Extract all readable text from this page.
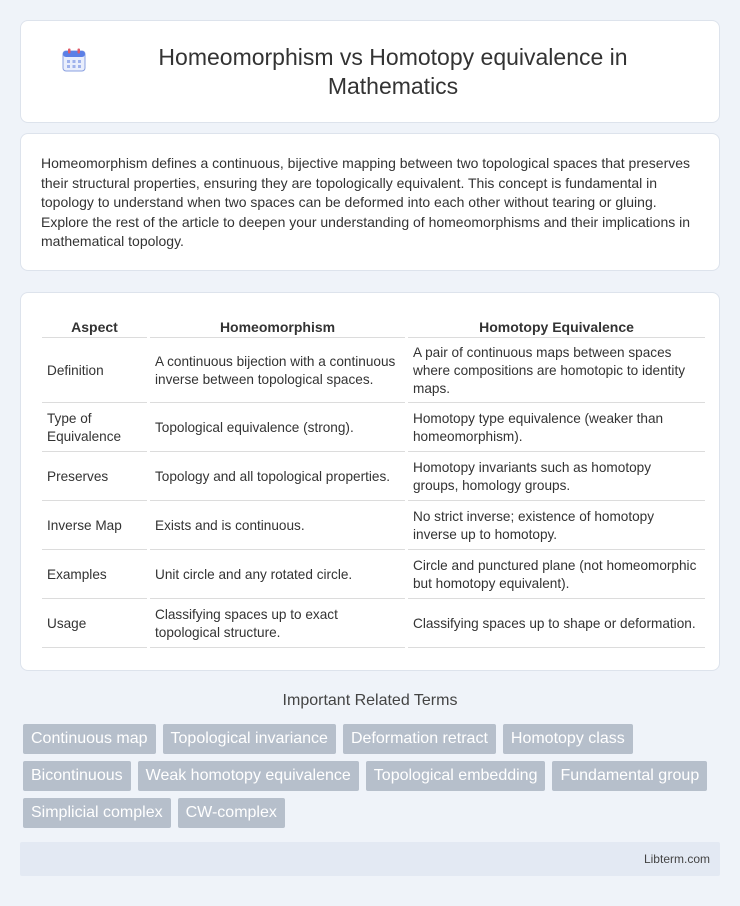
Homeomorphism vs Homotopy equivalence in Mathematics

Homeomorphism defines a continuous, bijective mapping between two topological spaces that preserves their structural properties, ensuring they are topologically equivalent. This concept is fundamental in topology to understand when two spaces can be deformed into each other without tearing or gluing. Explore the rest of the article to deepen your understanding of homeomorphisms and their implications in mathematical topology.

Aspect	Homeomorphism	Homotopy Equivalence
Definition	A continuous bijection with a continuous inverse between topological spaces.	A pair of continuous maps between spaces where compositions are homotopic to identity maps.
Type of Equivalence	Topological equivalence (strong).	Homotopy type equivalence (weaker than homeomorphism).
Preserves	Topology and all topological properties.	Homotopy invariants such as homotopy groups, homology groups.
Inverse Map	Exists and is continuous.	No strict inverse; existence of homotopy inverse up to homotopy.
Examples	Unit circle and any rotated circle.	Circle and punctured plane (not homeomorphic but homotopy equivalent).
Usage	Classifying spaces up to exact topological structure.	Classifying spaces up to shape or deformation.
Important Related Terms
Continuous map	Topological invariance	Deformation retract	Homotopy class
Bicontinuous	Weak homotopy equivalence	Topological embedding	Fundamental group
Simplicial complex	CW-complex
Libterm.com
